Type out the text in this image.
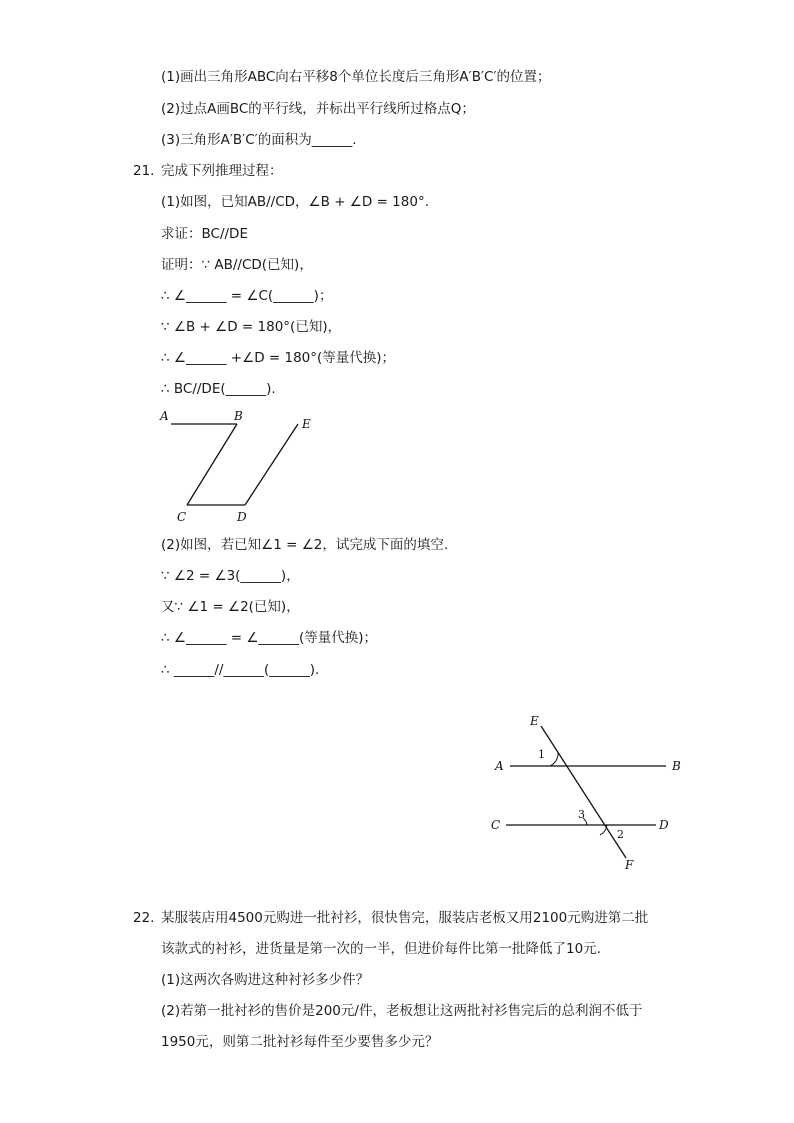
(1)画出三角形ABC向右平移8个单位长度后三角形A′B′C′的位置；
(2)过点A画BC的平行线，并标出平行线所过格点Q；
(3)三角形A′B′C′的面积为______.
21. 完成下列推理过程：
(1)如图，已知AB//CD，∠B + ∠D = 180°.
求证：BC//DE
证明：∵ AB//CD(已知)，
∴ ∠______ = ∠C(______)；
∵ ∠B + ∠D = 180°(已知)，
∴ ∠______ +∠D = 180°(等量代换)；
∴ BC//DE(______).
A	B
E
C	D
(2)如图，若已知∠1 = ∠2，试完成下面的填空.
∵ ∠2 = ∠3(______)，
又∵ ∠1 = ∠2(已知)，
∴ ∠______ = ∠______(等量代换)；
∴ ______//______(______).
E
A	B
C	D
F
1
3
2
22. 某服装店用4500元购进一批衬衫，很快售完，服装店老板又用2100元购进第二批
该款式的衬衫，进货量是第一次的一半，但进价每件比第一批降低了10元.
(1)这两次各购进这种衬衫多少件？
(2)若第一批衬衫的售价是200元/件，老板想让这两批衬衫售完后的总利润不低于
1950元，则第二批衬衫每件至少要售多少元？
